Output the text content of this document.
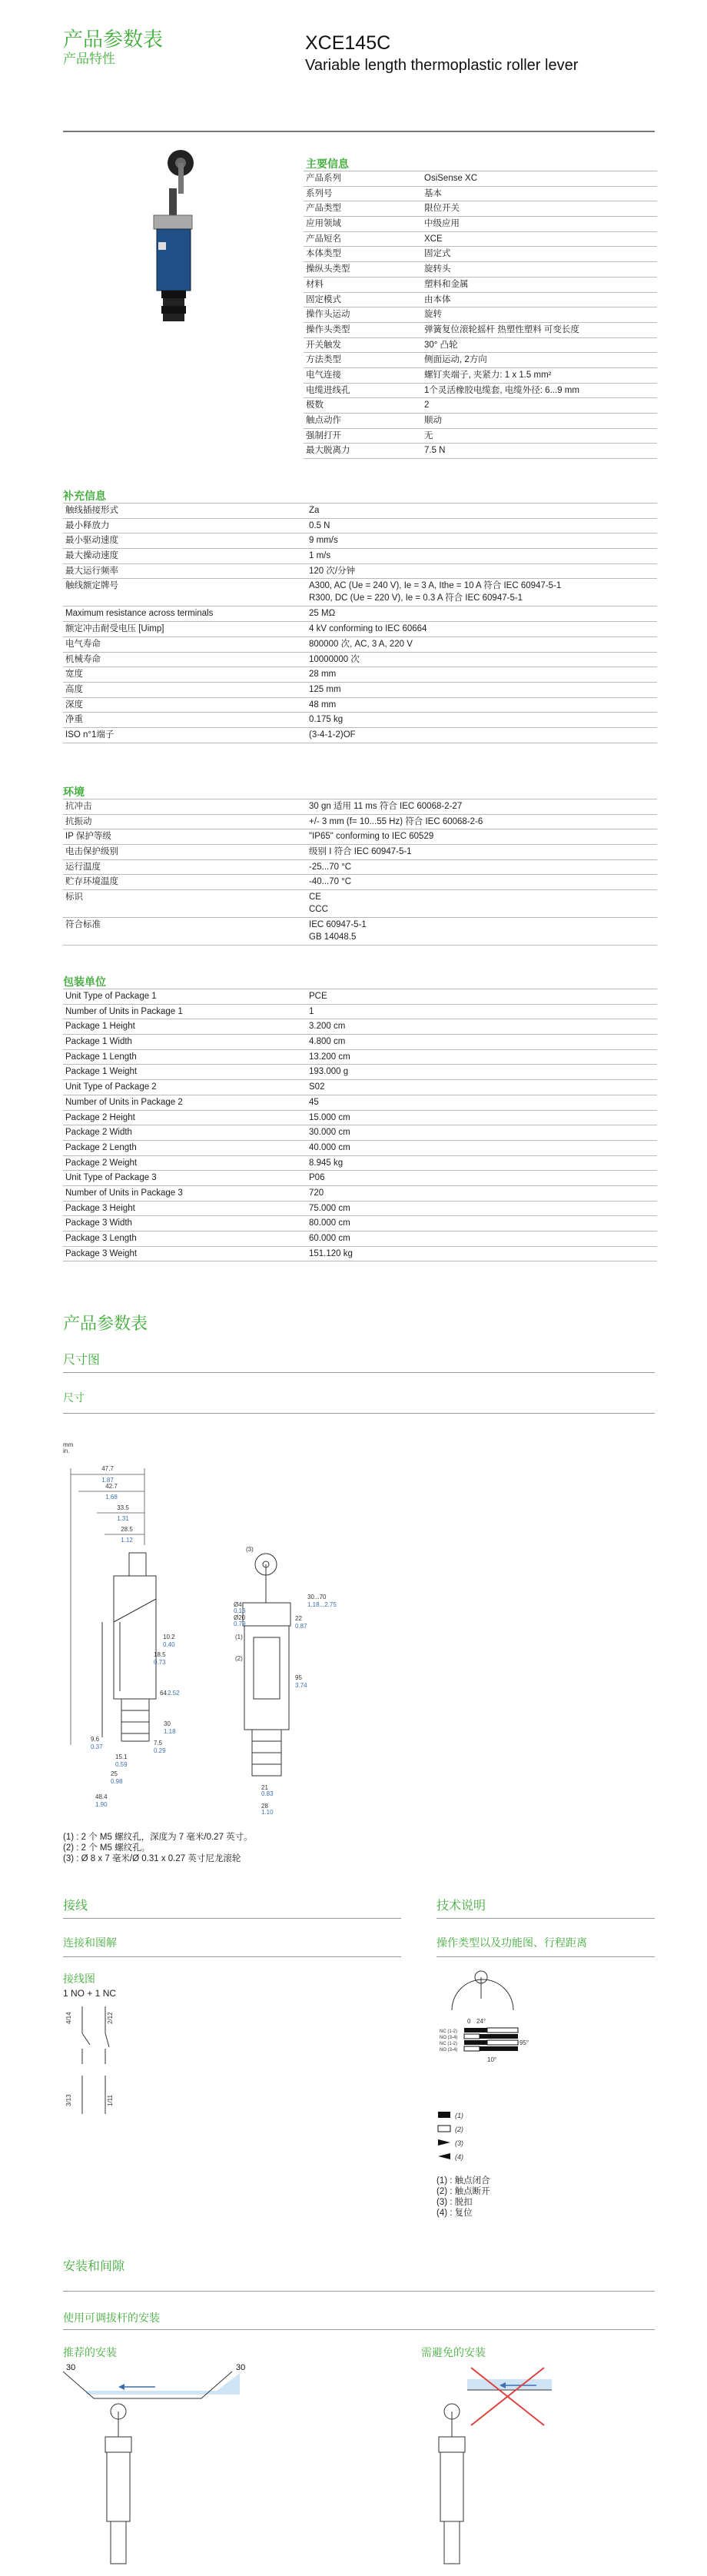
产品参数表
产品特性
XCE145C
Variable length thermoplastic roller lever
主要信息
产品系列	OsiSense XC
系列号	基本
产品类型	限位开关
应用领域	中级应用
产品短名	XCE
本体类型	固定式
操纵头类型	旋转头
材料	塑料和金属
固定模式	由本体
操作头运动	旋转
操作头类型	弹簧复位滚轮摇杆 热塑性塑料 可变长度
开关触发	30° 凸轮
方法类型	侧面运动, 2方向
电气连接	螺钉夹端子, 夹紧力: 1 x 1.5 mm²
电缆进线孔	1个灵活橡胶电缆套, 电缆外径: 6...9 mm
极数	2
触点动作	顺动
强制打开	无
最大脱离力	7.5 N
补充信息
触线插接形式	Za
最小释放力	0.5 N
最小驱动速度	9 mm/s
最大操动速度	1 m/s
最大运行频率	120 次/分钟
触线额定牌号	A300, AC (Ue = 240 V), Ie = 3 A, Ithe = 10 A 符合 IEC 60947-5-1
R300, DC (Ue = 220 V), Ie = 0.3 A 符合 IEC 60947-5-1
Maximum resistance across terminals	25 MΩ
额定冲击耐受电压 [Uimp]	4 kV conforming to IEC 60664
电气寿命	800000 次, AC, 3 A, 220 V
机械寿命	10000000 次
宽度	28 mm
高度	125 mm
深度	48 mm
净重	0.175 kg
ISO n°1端子	(3-4-1-2)OF
环境
抗冲击	30 gn 适用 11 ms 符合 IEC 60068-2-27
抗振动	+/- 3 mm (f= 10...55 Hz) 符合 IEC 60068-2-6
IP 保护等级	"IP65" conforming to IEC 60529
电击保护级别	级别 I 符合 IEC 60947-5-1
运行温度	-25...70 °C
贮存环境温度	-40...70 °C
标识	CE
CCC
符合标准	IEC 60947-5-1
GB 14048.5
包装单位
Unit Type of Package 1	PCE
Number of Units in Package 1	1
Package 1 Height	3.200 cm
Package 1 Width	4.800 cm
Package 1 Length	13.200 cm
Package 1 Weight	193.000 g
Unit Type of Package 2	S02
Number of Units in Package 2	45
Package 2 Height	15.000 cm
Package 2 Width	30.000 cm
Package 2 Length	40.000 cm
Package 2 Weight	8.945 kg
Unit Type of Package 3	P06
Number of Units in Package 3	720
Package 3 Height	75.000 cm
Package 3 Width	80.000 cm
Package 3 Length	60.000 cm
Package 3 Weight	151.120 kg
产品参数表
尺寸图
尺寸
mm
in.
47.7
1.87
42.7
1.68
33.5
1.31
28.5
1.12
10.2
0.40
18.5
0.73
64 2.52
30
1.18
9.6
0.37
7.5
0.29
15.1
0.59
25
0.98
48.4
1.90
(3)
Ø4
0.16
Ø20
0.79
(1)
(2)
30...70
1.18...2.75
22
0.87
95
3.74
21
0.83
28
1.10
(1) : 2 个 M5 螺纹孔，深度为 7 毫米/0.27 英寸。
(2) : 2 个 M5 螺纹孔。
(3) : Ø 8 x 7 毫米/Ø 0.31 x 0.27 英寸尼龙滚轮
接线
连接和图解
接线图
1 NO + 1 NC
4/14	2/12
3/13	1/11
技术说明
操作类型以及功能图、行程距离
0 24°
NC (1-2)
NO (3-4)
NC (1-2)
NO (3-4)
95°
10°
(1)
(2)
(3)
(4)
(1) : 触点闭合
(2) : 触点断开
(3) : 脱扣
(4) : 复位
安装和间隙
使用可调拔杆的安装
推荐的安装	需避免的安装
30	30
